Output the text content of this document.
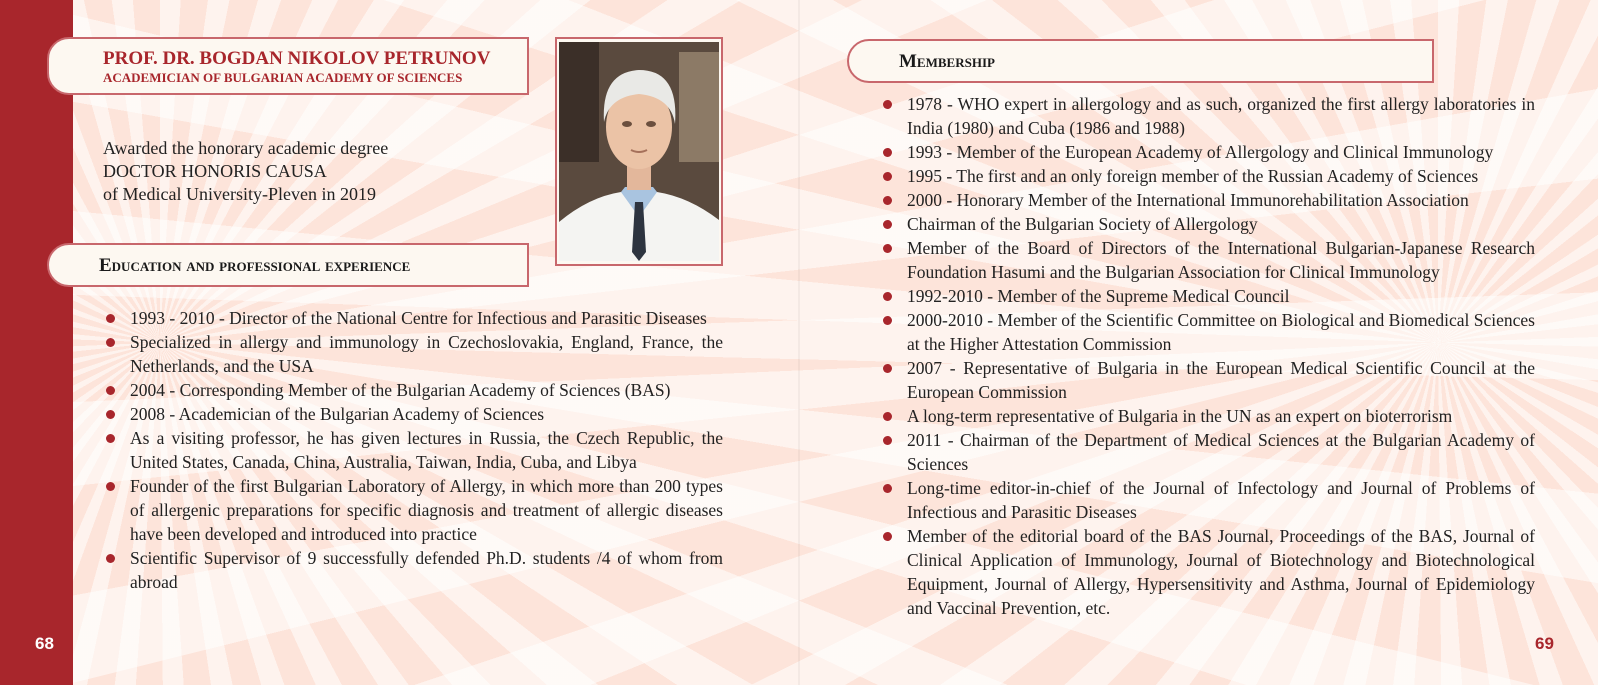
PROF. DR. BOGDAN NIKOLOV PETRUNOV
ACADEMICIAN OF BULGARIAN ACADEMY OF SCIENCES
Awarded the honorary academic degree
DOCTOR HONORIS CAUSA
of Medical University-Pleven in 2019
Education and professional experience
1993 - 2010 - Director of the National Centre for Infectious and Parasitic Diseases
Specialized in allergy and immunology in Czechoslovakia, England, France, the Netherlands, and the USA
2004 - Corresponding Member of the Bulgarian Academy of Sciences (BAS)
2008 - Academician of the Bulgarian Academy of Sciences
As a visiting professor, he has given lectures in Russia, the Czech Republic, the United States, Canada, China, Australia, Taiwan, India, Cuba, and Libya
Founder of the first Bulgarian Laboratory of Allergy, in which more than 200 types of allergenic preparations for specific diagnosis and treatment of allergic diseases have been developed and introduced into practice
Scientific Supervisor of 9 successfully defended Ph.D. students /4 of whom from abroad
Membership
1978 - WHO expert in allergology and as such, organized the first allergy laboratories in India (1980) and Cuba (1986 and 1988)
1993 - Member of the European Academy of Allergology and Clinical Immunology
1995 - The first and an only foreign member of the Russian Academy of Sciences
2000 - Honorary Member of the International Immunorehabilitation Association
Chairman of the Bulgarian Society of Allergology
Member of the Board of Directors of the International Bulgarian-Japanese Research Foundation Hasumi and the Bulgarian Association for Clinical Immunology
1992-2010 - Member of the Supreme Medical Council
2000-2010 - Member of the Scientific Committee on Biological and Biomedical Sciences at the Higher Attestation Commission
2007 - Representative of Bulgaria in the European Medical Scientific Council at the European Commission
A long-term representative of Bulgaria in the UN as an expert on bioterrorism
2011 - Chairman of the Department of Medical Sciences at the Bulgarian Academy of Sciences
Long-time editor-in-chief of the Journal of Infectology and Journal of Problems of Infectious and Parasitic Diseases
Member of the editorial board of the BAS Journal, Proceedings of the BAS, Journal of Clinical Application of Immunology, Journal of Biotechnology and Biotechnological Equipment, Journal of Allergy, Hypersensitivity and Asthma, Journal of Epidemiology and Vaccinal Prevention, etc.
68	69
